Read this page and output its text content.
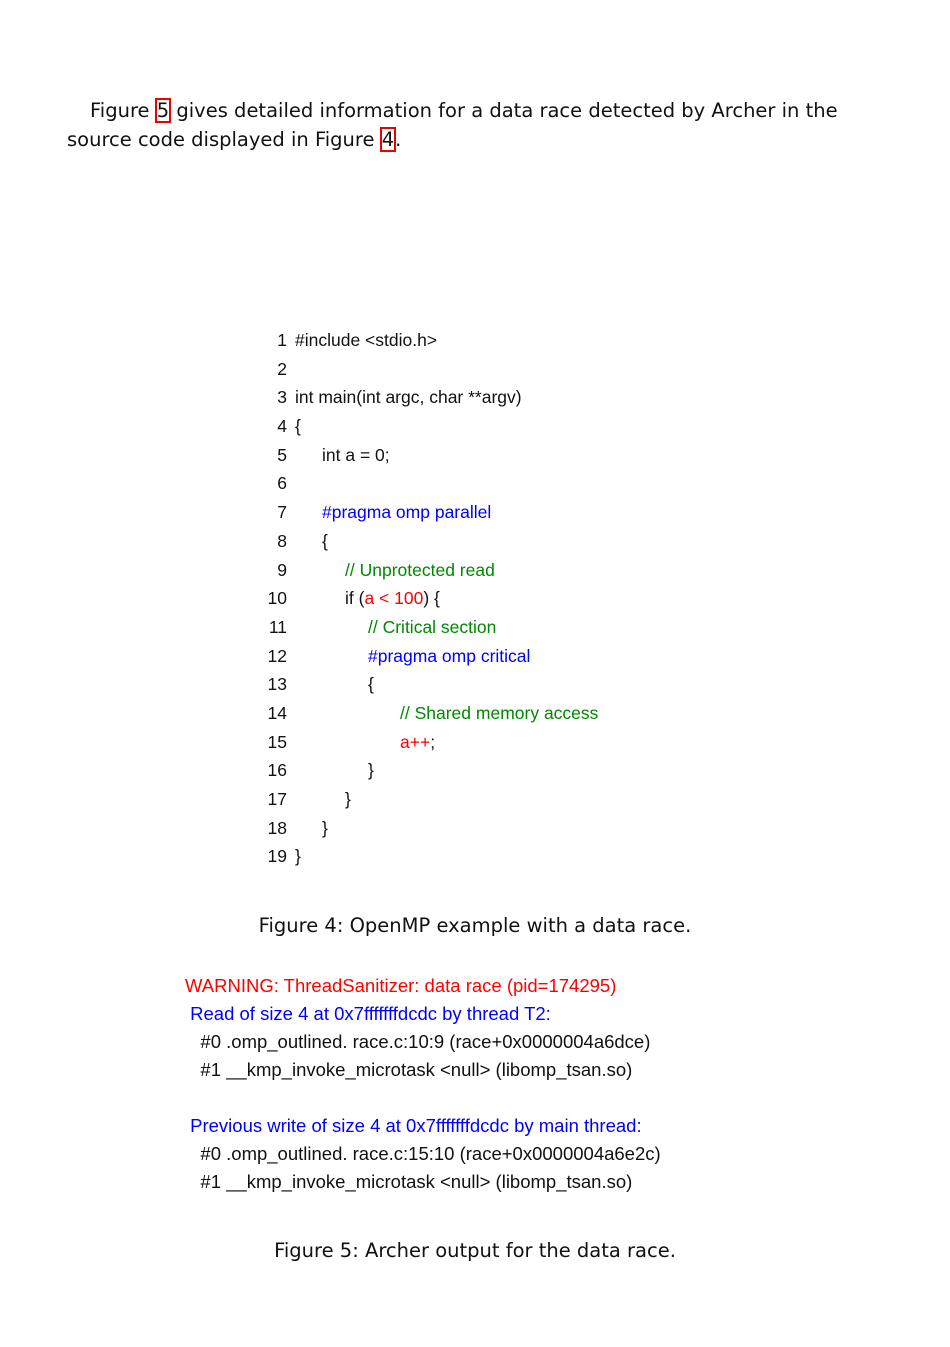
Figure 5 gives detailed information for a data race detected by Archer in the source code displayed in Figure 4.

1 #include <stdio.h>
2
3 int main(int argc, char **argv)
4 {
5 int a = 0;
6
7 #pragma omp parallel
8 {
9	// Unprotected read
10	if (a < 100) {
11	// Critical section
12	#pragma omp critical
13	{
14	// Shared memory access
15	a++;
16	}
17	}
18 }
19 }
Figure 4: OpenMP example with a data race.
WARNING: ThreadSanitizer: data race (pid=174295)
Read of size 4 at 0x7fffffffdcdc by thread T2:
#0 .omp_outlined. race.c:10:9 (race+0x0000004a6dce)
#1 __kmp_invoke_microtask <null> (libomp_tsan.so)
Previous write of size 4 at 0x7fffffffdcdc by main thread:
#0 .omp_outlined. race.c:15:10 (race+0x0000004a6e2c)
#1 __kmp_invoke_microtask <null> (libomp_tsan.so)
Figure 5: Archer output for the data race.
